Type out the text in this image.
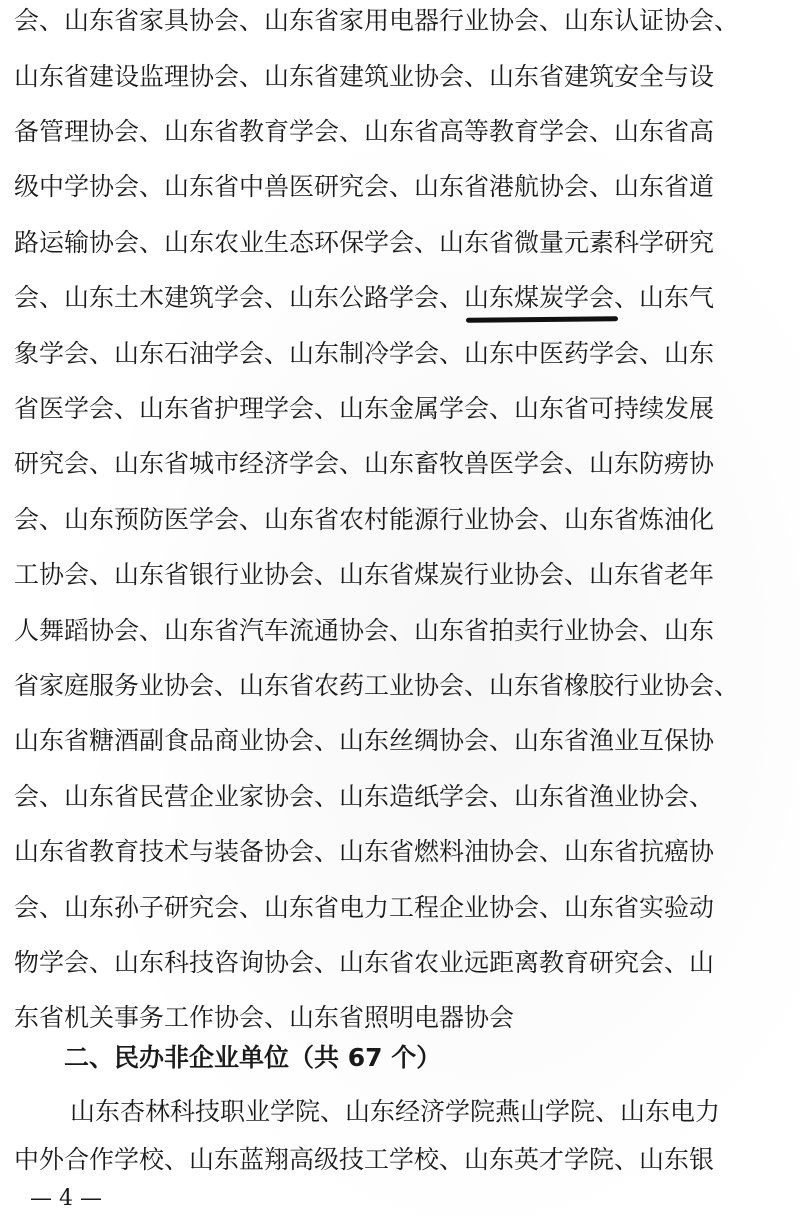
会、山东省家具协会、山东省家用电器行业协会、山东认证协会、
山东省建设监理协会、山东省建筑业协会、山东省建筑安全与设
备管理协会、山东省教育学会、山东省高等教育学会、山东省高
级中学协会、山东省中兽医研究会、山东省港航协会、山东省道
路运输协会、山东农业生态环保学会、山东省微量元素科学研究
会、山东土木建筑学会、山东公路学会、山东煤炭学会、山东气
象学会、山东石油学会、山东制冷学会、山东中医药学会、山东
省医学会、山东省护理学会、山东金属学会、山东省可持续发展
研究会、山东省城市经济学会、山东畜牧兽医学会、山东防痨协
会、山东预防医学会、山东省农村能源行业协会、山东省炼油化
工协会、山东省银行业协会、山东省煤炭行业协会、山东省老年
人舞蹈协会、山东省汽车流通协会、山东省拍卖行业协会、山东
省家庭服务业协会、山东省农药工业协会、山东省橡胶行业协会、
山东省糖酒副食品商业协会、山东丝绸协会、山东省渔业互保协
会、山东省民营企业家协会、山东造纸学会、山东省渔业协会、
山东省教育技术与装备协会、山东省燃料油协会、山东省抗癌协
会、山东孙子研究会、山东省电力工程企业协会、山东省实验动
物学会、山东科技咨询协会、山东省农业远距离教育研究会、山
东省机关事务工作协会、山东省照明电器协会
二、民办非企业单位（共 67 个）
山东杏林科技职业学院、山东经济学院燕山学院、山东电力
中外合作学校、山东蓝翔高级技工学校、山东英才学院、山东银
— 4 —
